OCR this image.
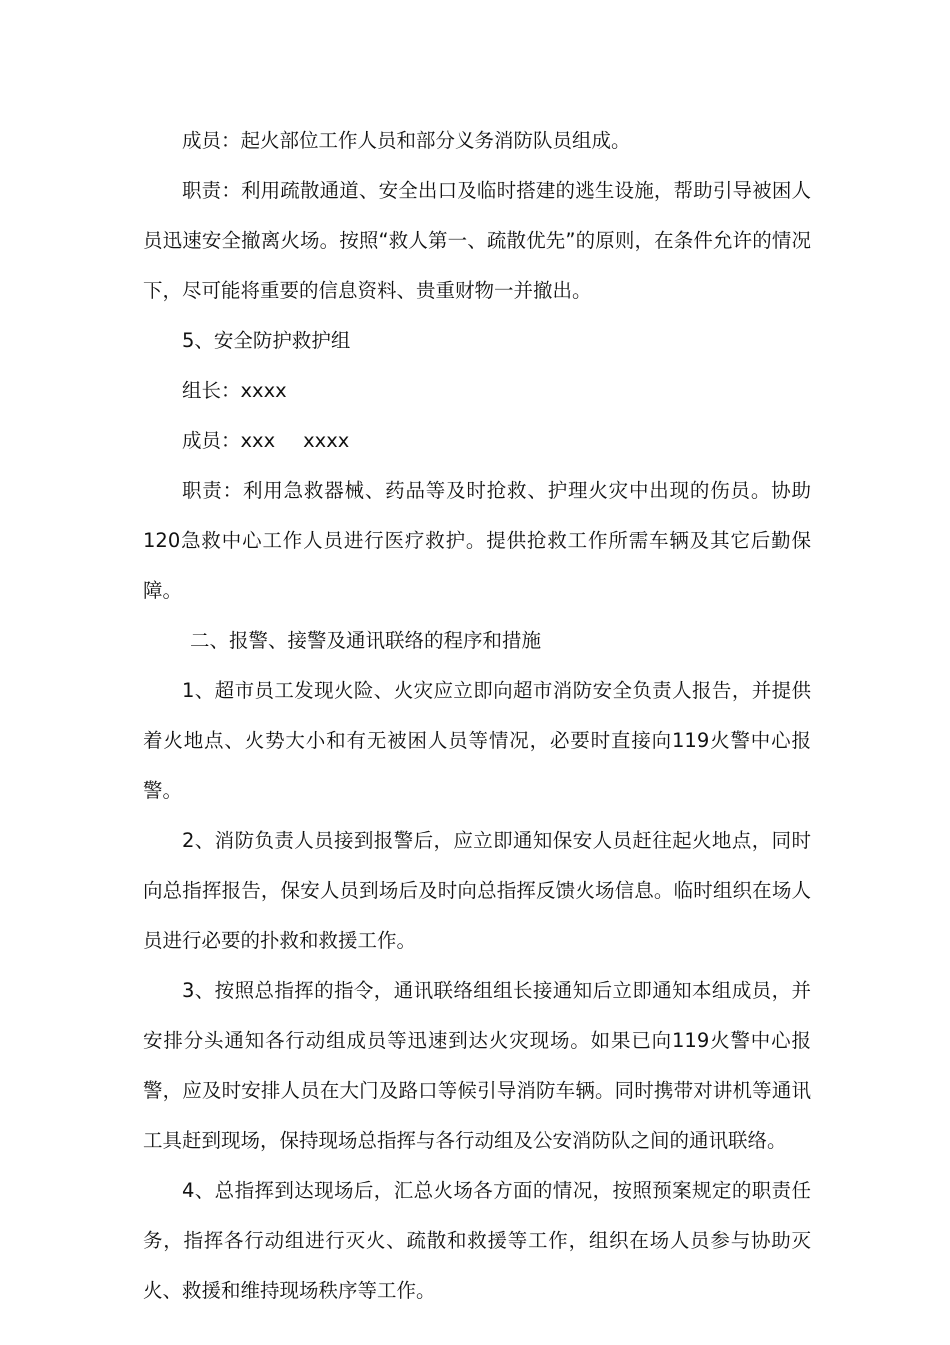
成员：起火部位工作人员和部分义务消防队员组成。

职责：利用疏散通道、安全出口及临时搭建的逃生设施，帮助引导被困人员迅速安全撤离火场。按照“救人第一、疏散优先”的原则，在条件允许的情况下，尽可能将重要的信息资料、贵重财物一并撤出。

5、安全防护救护组

组长：xxxx

成员：xxx xxxx

职责：利用急救器械、药品等及时抢救、护理火灾中出现的伤员。协助120急救中心工作人员进行医疗救护。提供抢救工作所需车辆及其它后勤保障。

二、报警、接警及通讯联络的程序和措施

1、超市员工发现火险、火灾应立即向超市消防安全负责人报告，并提供着火地点、火势大小和有无被困人员等情况，必要时直接向119火警中心报警。

2、消防负责人员接到报警后，应立即通知保安人员赶往起火地点，同时向总指挥报告，保安人员到场后及时向总指挥反馈火场信息。临时组织在场人员进行必要的扑救和救援工作。

3、按照总指挥的指令，通讯联络组组长接通知后立即通知本组成员，并安排分头通知各行动组成员等迅速到达火灾现场。如果已向119火警中心报警，应及时安排人员在大门及路口等候引导消防车辆。同时携带对讲机等通讯工具赶到现场，保持现场总指挥与各行动组及公安消防队之间的通讯联络。

4、总指挥到达现场后，汇总火场各方面的情况，按照预案规定的职责任务，指挥各行动组进行灭火、疏散和救援等工作，组织在场人员参与协助灭火、救援和维持现场秩序等工作。
